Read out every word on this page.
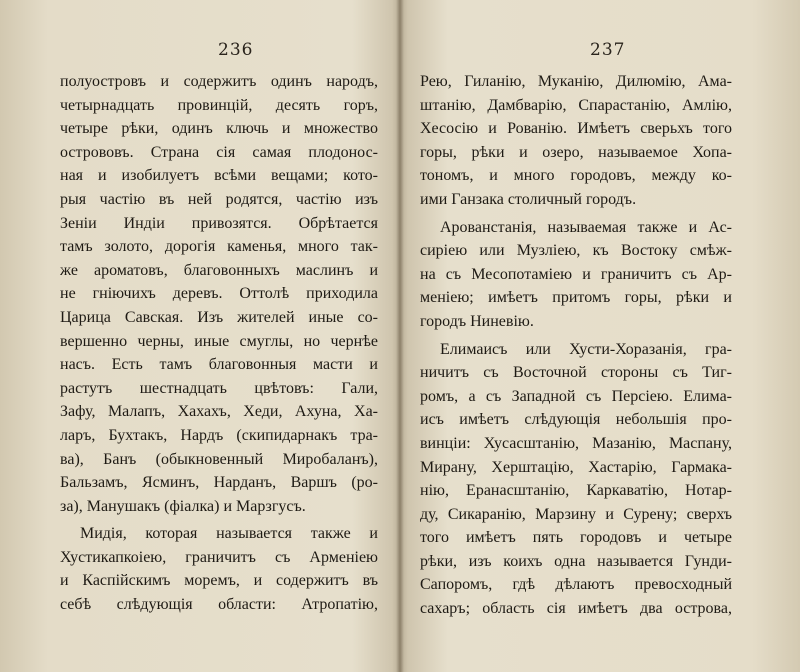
236
полуостровъ и содержитъ одинъ народъ,
четырнадцать провинцій, десять горъ,
четыре рѣки, одинъ ключь и множество
острововъ. Страна сія самая плодонос-
ная и изобилуетъ всѣми вещами; кото-
рыя частію въ ней родятся, частію изъ
Зеніи Индіи привозятся. Обрѣтается
тамъ золото, дорогія каменья, много так-
же ароматовъ, благовонныхъ маслинъ и
не гніючихъ деревъ. Оттолѣ приходила
Царица Савская. Изъ жителей иные со-
вершенно черны, иные смуглы, но чернѣе
насъ. Есть тамъ благовонныя масти и
растутъ шестнадцать цвѣтовъ: Гали,
Зафу, Малапъ, Хахахъ, Хеди, Ахуна, Ха-
ларъ, Бухтакъ, Нардъ (скипидарнакъ тра-
ва), Банъ (обыкновенный Миробаланъ),
Бальзамъ, Ясминъ, Нарданъ, Варшъ (ро-
за), Манушакъ (фіалка) и Марзгусъ.
Мидія, которая называется также и
Хустикапкоіею, граничитъ съ Арменіею
и Каспійскимъ моремъ, и содержитъ въ
себѣ слѣдующія области: Атропатію,
237
Рею, Гиланію, Муканію, Дилюмію, Ама-
штанію, Дамбварію, Спарастанію, Амлію,
Хесосію и Рованію. Имѣетъ сверьхъ того
горы, рѣки и озеро, называемое Хопа-
тономъ, и много городовъ, между ко-
ими Ганзака столичный городъ.
Арованстанія, называемая также и Ас-
сиріею или Музліею, къ Востоку смѣж-
на съ Месопотаміею и граничитъ съ Ар-
меніею; имѣетъ притомъ горы, рѣки и
городъ Ниневію.
Елимаисъ или Хусти-Хоразанія, гра-
ничитъ съ Восточной стороны съ Тиг-
ромъ, а съ Западной съ Персіею. Елима-
исъ имѣетъ слѣдующія небольшія про-
винціи: Хусасштанію, Мазанію, Маспану,
Мирану, Херштацію, Хастарію, Гармака-
нію, Еранасштанію, Каркаватію, Нотар-
ду, Сикаранію, Марзину и Сурену; сверхъ
того имѣетъ пять городовъ и четыре
рѣки, изъ коихъ одна называется Гунди-
Сапоромъ, гдѣ дѣлаютъ превосходный
сахаръ; область сія имѣетъ два острова,
